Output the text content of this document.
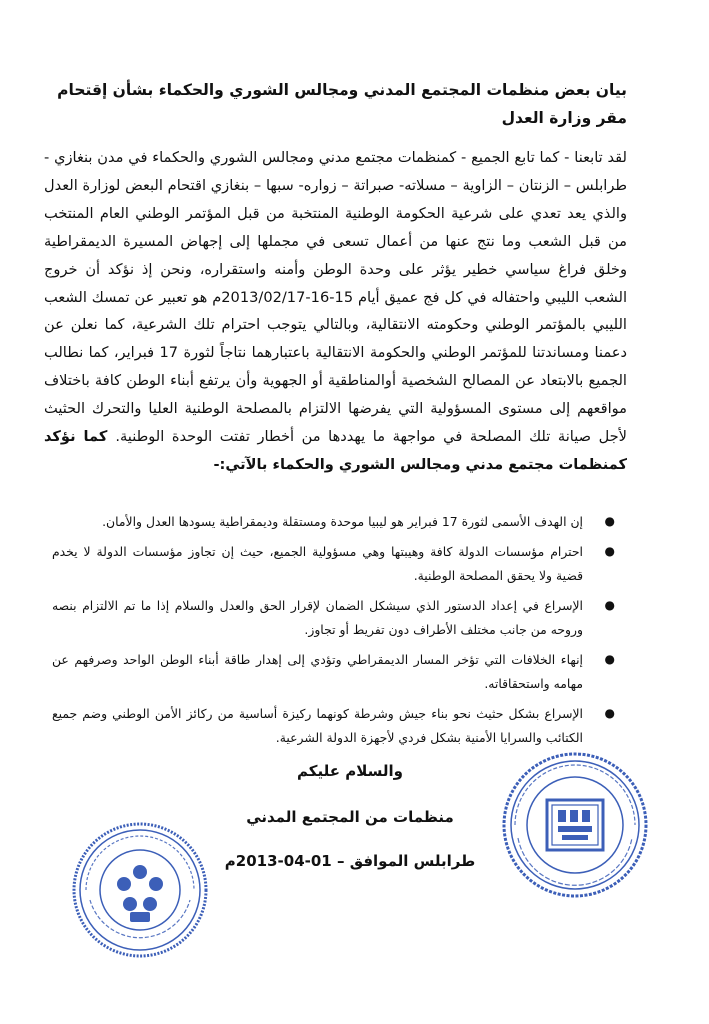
بيان بعض منظمات المجتمع المدني ومجالس الشوري والحكماء بشأن إقتحام مقر وزارة العدل
لقد تابعنا - كما تابع الجميع - كمنظمات مجتمع مدني ومجالس الشوري والحكماء في مدن بنغازي - طرابلس – الزنتان – الزاوية – مسلاته- صبراتة – زواره- سبها – بنغازي اقتحام البعض لوزارة العدل والذي يعد تعدي على شرعية الحكومة الوطنية المنتخبة من قبل المؤتمر الوطني العام المنتخب من قبل الشعب وما نتج عنها من أعمال تسعى في مجملها إلى إجهاض المسيرة الديمقراطية وخلق فراغ سياسي خطير يؤثر على وحدة الوطن وأمنه واستقراره، ونحن إذ نؤكد أن خروج الشعب الليبي واحتفاله في كل فج عميق أيام 15-16-2013/02/17م هو تعبير عن تمسك الشعب الليبي بالمؤتمر الوطني وحكومته الانتقالية، وبالتالي يتوجب احترام تلك الشرعية، كما نعلن عن دعمنا ومساندتنا للمؤتمر الوطني والحكومة الانتقالية باعتبارهما نتاجاً لثورة 17 فبراير، كما نطالب الجميع بالابتعاد عن المصالح الشخصية أوالمناطقية أو الجهوية وأن يرتفع أبناء الوطن كافة باختلاف مواقعهم إلى مستوى المسؤولية التي يفرضها الالتزام بالمصلحة الوطنية العليا والتحرك الحثيث لأجل صيانة تلك المصلحة في مواجهة ما يهددها من أخطار تفتت الوحدة الوطنية. كما نؤكد كمنظمات مجتمع مدني ومجالس الشوري والحكماء بالآتي:-
●
إن الهدف الأسمى لثورة 17 فبراير هو ليبيا موحدة ومستقلة وديمقراطية يسودها العدل والأمان.
●
احترام مؤسسات الدولة كافة وهيبتها وهي مسؤولية الجميع، حيث إن تجاوز مؤسسات الدولة لا يخدم قضية ولا يحقق المصلحة الوطنية.
●
الإسراع في إعداد الدستور الذي سيشكل الضمان لإقرار الحق والعدل والسلام إذا ما تم الالتزام بنصه وروحه من جانب مختلف الأطراف دون تفريط أو تجاوز.
●
إنهاء الخلافات التي تؤخر المسار الديمقراطي وتؤدي إلى إهدار طاقة أبناء الوطن الواحد وصرفهم عن مهامه واستحقاقاته.
●
الإسراع بشكل حثيث نحو بناء جيش وشرطة كونهما ركيزة أساسية من ركائز الأمن الوطني وضم جميع الكتائب والسرايا الأمنية بشكل فردي لأجهزة الدولة الشرعية.
والسلام عليكم
منظمات من المجتمع المدني
طرابلس الموافق – 01-04-2013م
